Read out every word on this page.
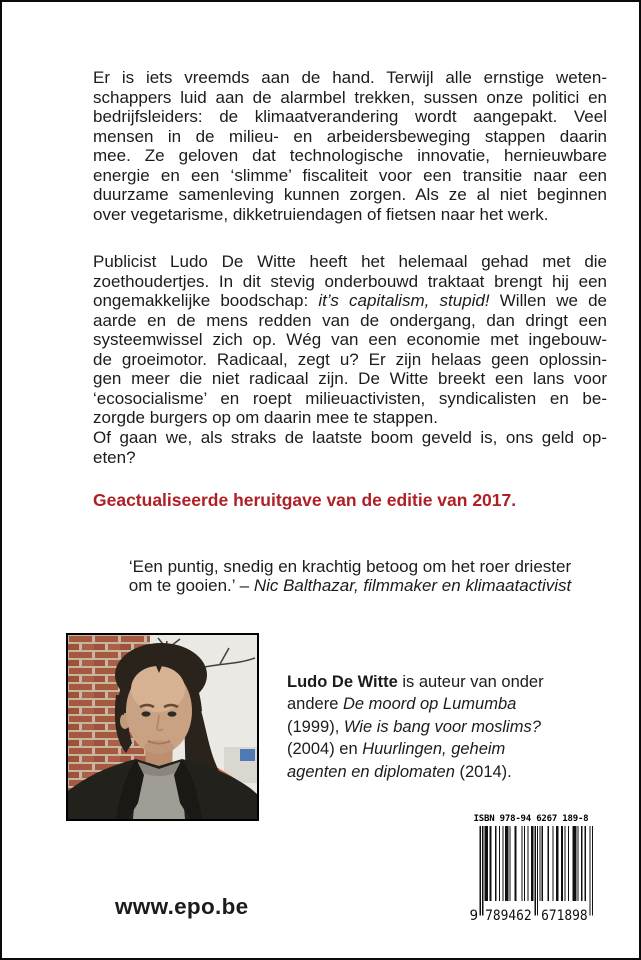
Er is iets vreemds aan de hand. Terwijl alle ernstige weten-
schappers luid aan de alarmbel trekken, sussen onze politici en
bedrijfsleiders: de klimaatverandering wordt aangepakt. Veel
mensen in de milieu- en arbeidersbeweging stappen daarin
mee. Ze geloven dat technologische innovatie, hernieuwbare
energie en een ‘slimme’ fiscaliteit voor een transitie naar een
duurzame samenleving kunnen zorgen. Als ze al niet beginnen
over vegetarisme, dikketruiendagen of fietsen naar het werk.
Publicist Ludo De Witte heeft het helemaal gehad met die
zoethoudertjes. In dit stevig onderbouwd traktaat brengt hij een
ongemakkelijke boodschap: it’s capitalism, stupid! Willen we de
aarde en de mens redden van de ondergang, dan dringt een
systeemwissel zich op. Wég van een economie met ingebouw-
de groeimotor. Radicaal, zegt u? Er zijn helaas geen oplossin-
gen meer die niet radicaal zijn. De Witte breekt een lans voor
‘ecosocialisme’ en roept milieuactivisten, syndicalisten en be-
zorgde burgers op om daarin mee te stappen.
Of gaan we, als straks de laatste boom geveld is, ons geld op-
eten?
Geactualiseerde heruitgave van de editie van 2017.
‘Een puntig, snedig en krachtig betoog om het roer driester
om te gooien.’ – Nic Balthazar, filmmaker en klimaatactivist
Ludo De Witte is auteur van onder
andere De moord op Lumumba
(1999), Wie is bang voor moslims?
(2004) en Huurlingen, geheim
agenten en diplomaten (2014).
www.epo.be
ISBN 978-94 6267 189-8
9 789462 671898
